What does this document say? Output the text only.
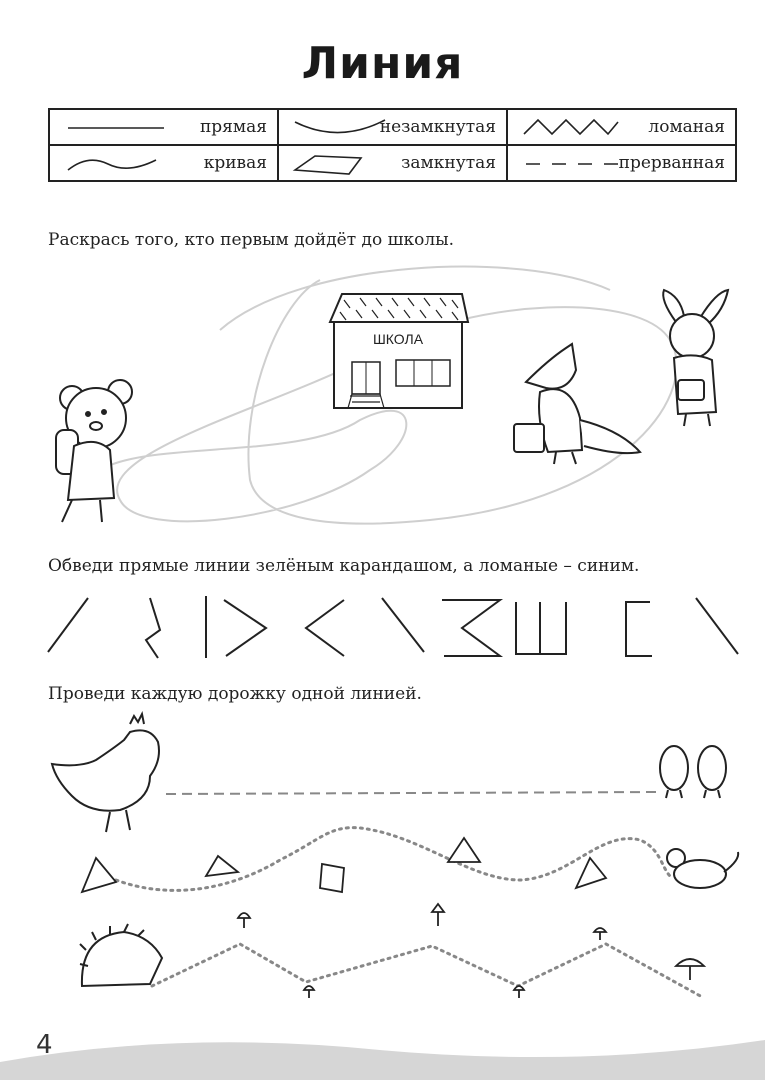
Линия
прямая	незамкнутая	ломаная

кривая	замкнутая	прерванная
Раскрась того, кто первым дойдёт до школы.
ШКОЛА
Обведи прямые линии зелёным карандашом, а ломаные – синим.
Проведи каждую дорожку одной линией.
4
